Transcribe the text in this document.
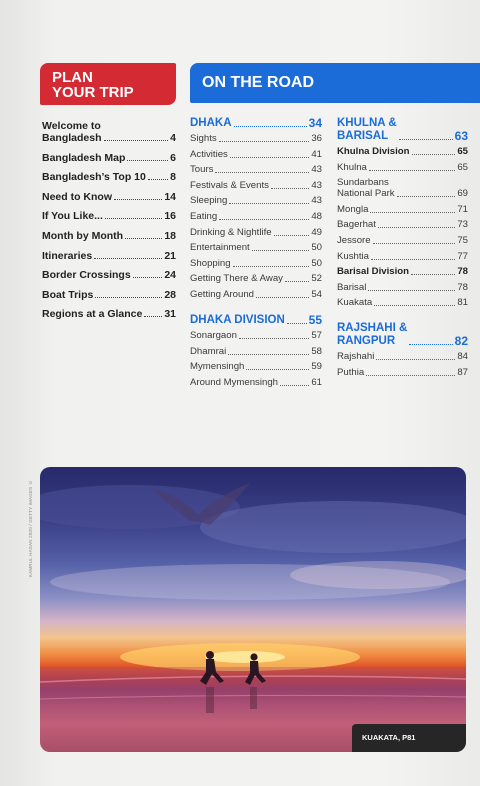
PLAN
YOUR TRIP
Welcome to
Bangladesh	4
Bangladesh Map	6
Bangladesh’s Top 10 8
Need to Know	14
If You Like...	16
Month by Month	18
Itineraries	21
Border Crossings	24
Boat Trips	28
Regions at a Glance 31
ON THE ROAD
DHAKA	34
Sights	36
Activities	41
Tours	43
Festivals & Events	43
Sleeping	43
Eating	48
Drinking & Nightlife	49
Entertainment	50
Shopping	50
Getting There & Away	52
Getting Around	54
DHAKA DIVISION 55
Sonargaon	57
Dhamrai	58
Mymensingh	59
Around Mymensingh	61
KHULNA &
BARISAL	63
Khulna Division	65
Khulna	65
Sundarbans
National Park	69
Mongla	71
Bagerhat	73
Jessore	75
Kushtia	77
Barisal Division	78
Barisal	78
Kuakata	81
RAJSHAHI &
RANGPUR	82
Rajshahi	84
Puthia	87
KAMRUL HASAN 2020 / GETTY IMAGES ©
KUAKATA, P81
